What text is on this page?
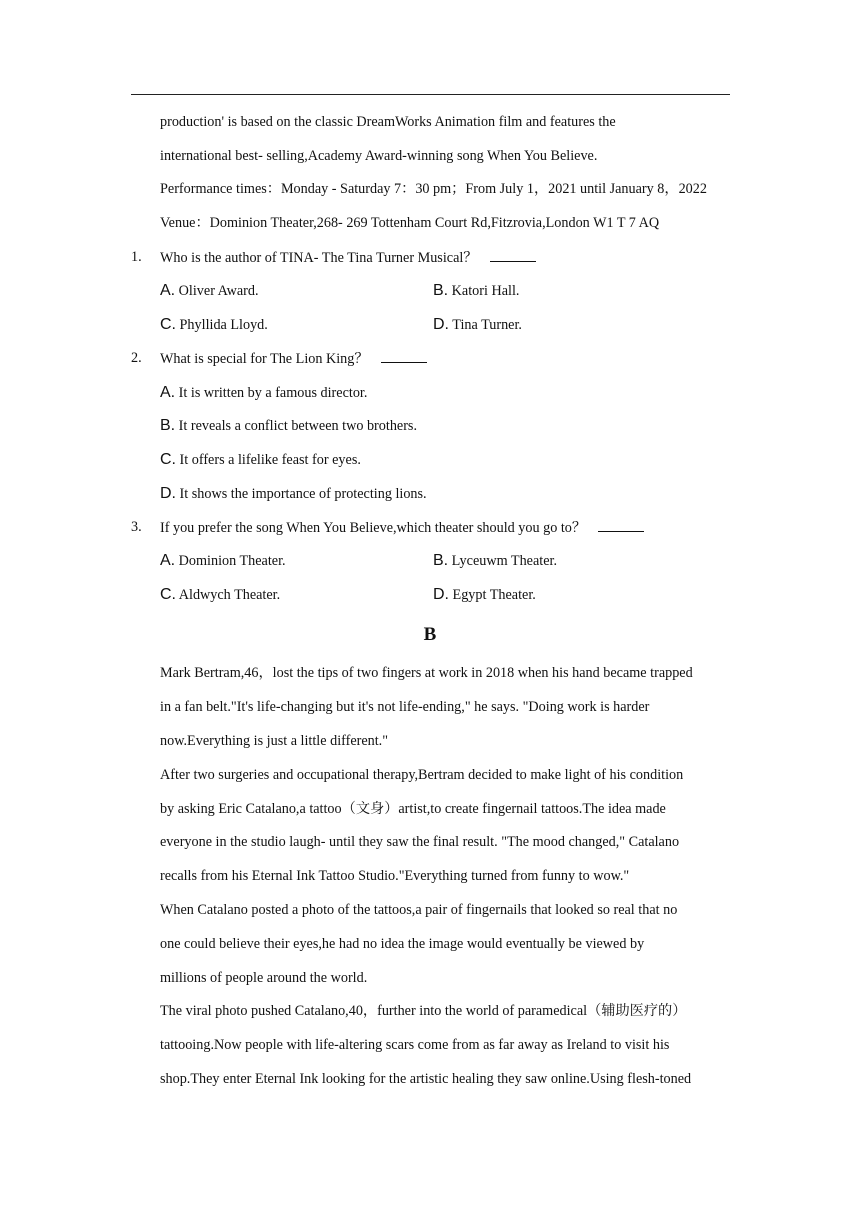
production' is based on the classic DreamWorks Animation film and features the
international best- selling,Academy Award-winning song When You Believe.
Performance times：Monday - Saturday 7：30 pm；From July 1，2021 until January 8，2022
Venue：Dominion Theater,268- 269 Tottenham Court Rd,Fitzrovia,London W1 T 7 AQ
1. Who is the author of TINA- The Tina Turner Musical？
A. Oliver Award.	B. Katori Hall.
C. Phyllida Lloyd.	D. Tina Turner.
2. What is special for The Lion King？
A. It is written by a famous director.
B. It reveals a conflict between two brothers.
C. It offers a lifelike feast for eyes.
D. It shows the importance of protecting lions.
3. If you prefer the song When You Believe,which theater should you go to？
A. Dominion Theater.	B. Lyceuwm Theater.
C. Aldwych Theater.	D. Egypt Theater.
B
Mark Bertram,46，lost the tips of two fingers at work in 2018 when his hand became trapped
in a fan belt."It's life-changing but it's not life-ending," he says. "Doing work is harder
now.Everything is just a little different."
After two surgeries and occupational therapy,Bertram decided to make light of his condition
by asking Eric Catalano,a tattoo（文身）artist,to create fingernail tattoos.The idea made
everyone in the studio laugh- until they saw the final result. "The mood changed," Catalano
recalls from his Eternal Ink Tattoo Studio."Everything turned from funny to wow."
When Catalano posted a photo of the tattoos,a pair of fingernails that looked so real that no
one could believe their eyes,he had no idea the image would eventually be viewed by
millions of people around the world.
The viral photo pushed Catalano,40，further into the world of paramedical（辅助医疗的）
tattooing.Now people with life-altering scars come from as far away as Ireland to visit his
shop.They enter Eternal Ink looking for the artistic healing they saw online.Using flesh-toned
